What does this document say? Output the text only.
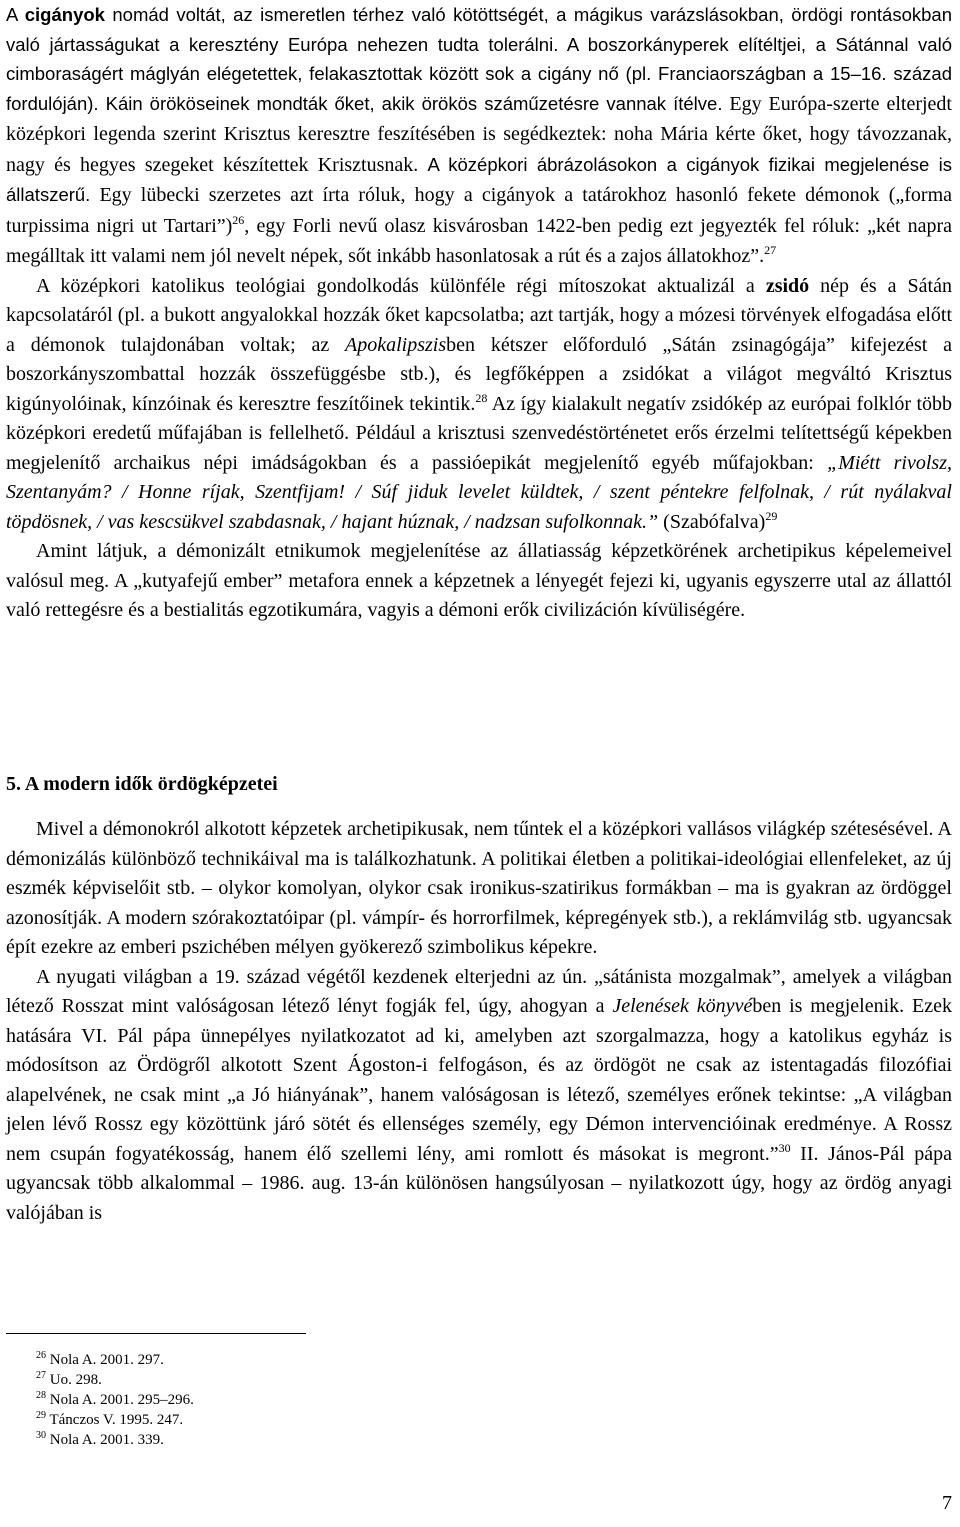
A cigányok nomád voltát, az ismeretlen térhez való kötöttségét, a mágikus varázslásokban, ördögi rontásokban való jártasságukat a keresztény Európa nehezen tudta tolerálni. A boszorkányperek elítéltjei, a Sátánnal való cimboraságért máglyán elégetettek, felakasztottak között sok a cigány nő (pl. Franciaországban a 15–16. század fordulóján). Káin örököseinek mondták őket, akik örökös száműzetésre vannak ítélve. Egy Európa-szerte elterjedt középkori legenda szerint Krisztus keresztre feszítésében is segédkeztek: noha Mária kérte őket, hogy távozzanak, nagy és hegyes szegeket készítettek Krisztusnak. A középkori ábrázolásokon a cigányok fizikai megjelenése is állatszerű. Egy lübecki szerzetes azt írta róluk, hogy a cigányok a tatárokhoz hasonló fekete démonok („forma turpissima nigri ut Tartari”)$^{26}$, egy Forli nevű olasz kisvárosban 1422-ben pedig ezt jegyezték fel róluk: „két napra megálltak itt valami nem jól nevelt népek, sőt inkább hasonlatosak a rút és a zajos állatokhoz”.$^{27}$

A középkori katolikus teológiai gondolkodás különféle régi mítoszokat aktualizál a zsidó nép és a Sátán kapcsolatáról (pl. a bukott angyalokkal hozzák őket kapcsolatba; azt tartják, hogy a mózesi törvények elfogadása előtt a démonok tulajdonában voltak; az Apokalipszisben kétszer előforduló „Sátán zsinagógája” kifejezést a boszorkányszombattal hozzák összefüggésbe stb.), és legfőképpen a zsidókat a világot megváltó Krisztus kigúnyolóinak, kínzóinak és keresztre feszítőinek tekintik.$^{28}$ Az így kialakult negatív zsidókép az európai folklór több középkori eredetű műfajában is fellelhető. Például a krisztusi szenvedéstörténetet erős érzelmi telítettségű képekben megjelenítő archaikus népi imádságokban és a passióepikát megjelenítő egyéb műfajokban: „Miétt rivolsz, Szentanyám? / Honne ríjak, Szentfijam! / Súf jiduk levelet küldtek, / szent péntekre felfolnak, / rút nyálakval töpdösnek, / vas kescsükvel szabdasnak, / hajant húznak, / nadzsan sufolkonnak.” (Szabófalva)$^{29}$

Amint látjuk, a démonizált etnikumok megjelenítése az állatiasság képzetkörének archetipikus képelemeivel valósul meg. A „kutyafejű ember” metafora ennek a képzetnek a lényegét fejezi ki, ugyanis egyszerre utal az állattól való rettegésre és a bestialitás egzotikumára, vagyis a démoni erők civilizáción kívüliségére.

5. A modern idők ördögképzetei

Mivel a démonokról alkotott képzetek archetipikusak, nem tűntek el a középkori vallásos világkép szétesésével. A démonizálás különböző technikáival ma is találkozhatunk. A politikai életben a politikai-ideológiai ellenfeleket, az új eszmék képviselőit stb. – olykor komolyan, olykor csak ironikus-szatirikus formákban – ma is gyakran az ördöggel azonosítják. A modern szórakoztatóipar (pl. vámpír- és horrorfilmek, képregények stb.), a reklámvilág stb. ugyancsak épít ezekre az emberi pszichében mélyen gyökerező szimbolikus képekre.

A nyugati világban a 19. század végétől kezdenek elterjedni az ún. „sátánista mozgalmak”, amelyek a világban létező Rosszat mint valóságosan létező lényt fogják fel, úgy, ahogyan a Jelenések könyvében is megjelenik. Ezek hatására VI. Pál pápa ünnepélyes nyilatkozatot ad ki, amelyben azt szorgalmazza, hogy a katolikus egyház is módosítson az Ördögről alkotott Szent Ágoston-i felfogáson, és az ördögöt ne csak az istentagadás filozófiai alapelvének, ne csak mint „a Jó hiányának”, hanem valóságosan is létező, személyes erőnek tekintse: „A világban jelen lévő Rossz egy közöttünk járó sötét és ellenséges személy, egy Démon intervencióinak eredménye. A Rossz nem csupán fogyatékosság, hanem élő szellemi lény, ami romlott és másokat is megront.”$^{30}$ II. János-Pál pápa ugyancsak több alkalommal – 1986. aug. 13-án különösen hangsúlyosan – nyilatkozott úgy, hogy az ördög anyagi valójában is

$^{26}$ Nola A. 2001. 297.
$^{27}$ Uo. 298.
$^{28}$ Nola A. 2001. 295–296.
$^{29}$ Tánczos V. 1995. 247.
$^{30}$ Nola A. 2001. 339.
7
